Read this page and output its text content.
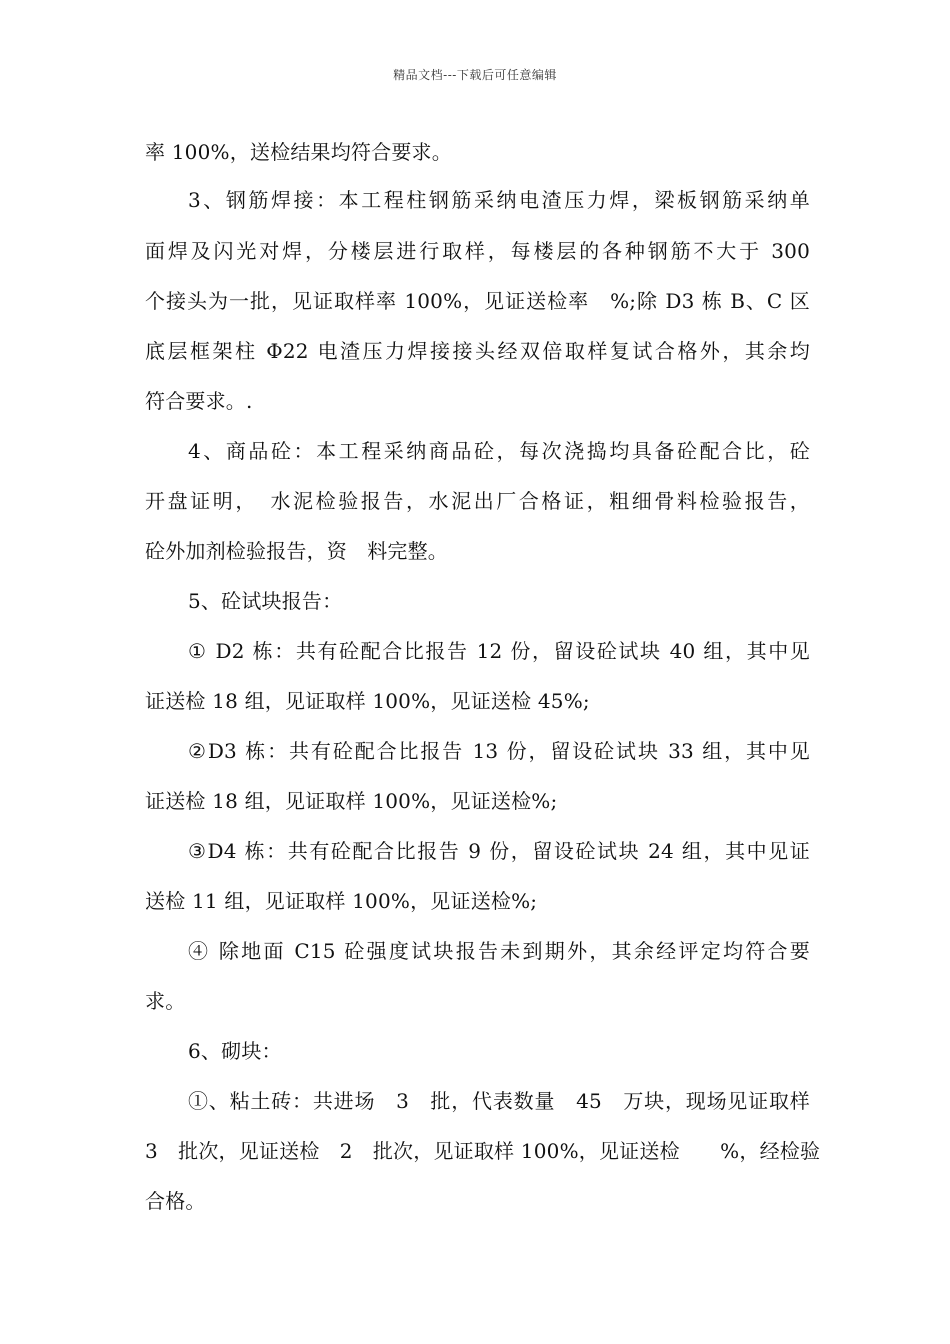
精品文档---下载后可任意编辑
率 100%，送检结果均符合要求。
3、钢筋焊接：本工程柱钢筋采纳电渣压力焊，梁板钢筋采纳单
面焊及闪光对焊，分楼层进行取样，每楼层的各种钢筋不大于 300
个接头为一批，见证取样率 100%，见证送检率　%;除 D3 栋 B、C 区
底层框架柱 Φ22 电渣压力焊接接头经双倍取样复试合格外，其余均
符合要求。.
4、商品砼：本工程采纳商品砼，每次浇捣均具备砼配合比，砼
开盘证明，　水泥检验报告，水泥出厂合格证，粗细骨料检验报告，
砼外加剂检验报告，资　料完整。
5、砼试块报告：
① D2 栋：共有砼配合比报告 12 份，留设砼试块 40 组，其中见
证送检 18 组，见证取样 100%，见证送检 45%;
②D3 栋：共有砼配合比报告 13 份，留设砼试块 33 组，其中见
证送检 18 组，见证取样 100%，见证送检%;
③D4 栋：共有砼配合比报告 9 份，留设砼试块 24 组，其中见证
送检 11 组，见证取样 100%，见证送检%;
④ 除地面 C15 砼强度试块报告未到期外，其余经评定均符合要
求。
6、砌块：
①、粘土砖：共进场　3　批，代表数量　45　万块，现场见证取样
3　批次，见证送检　2　批次，见证取样 100%，见证送检　　%，经检验
合格。
